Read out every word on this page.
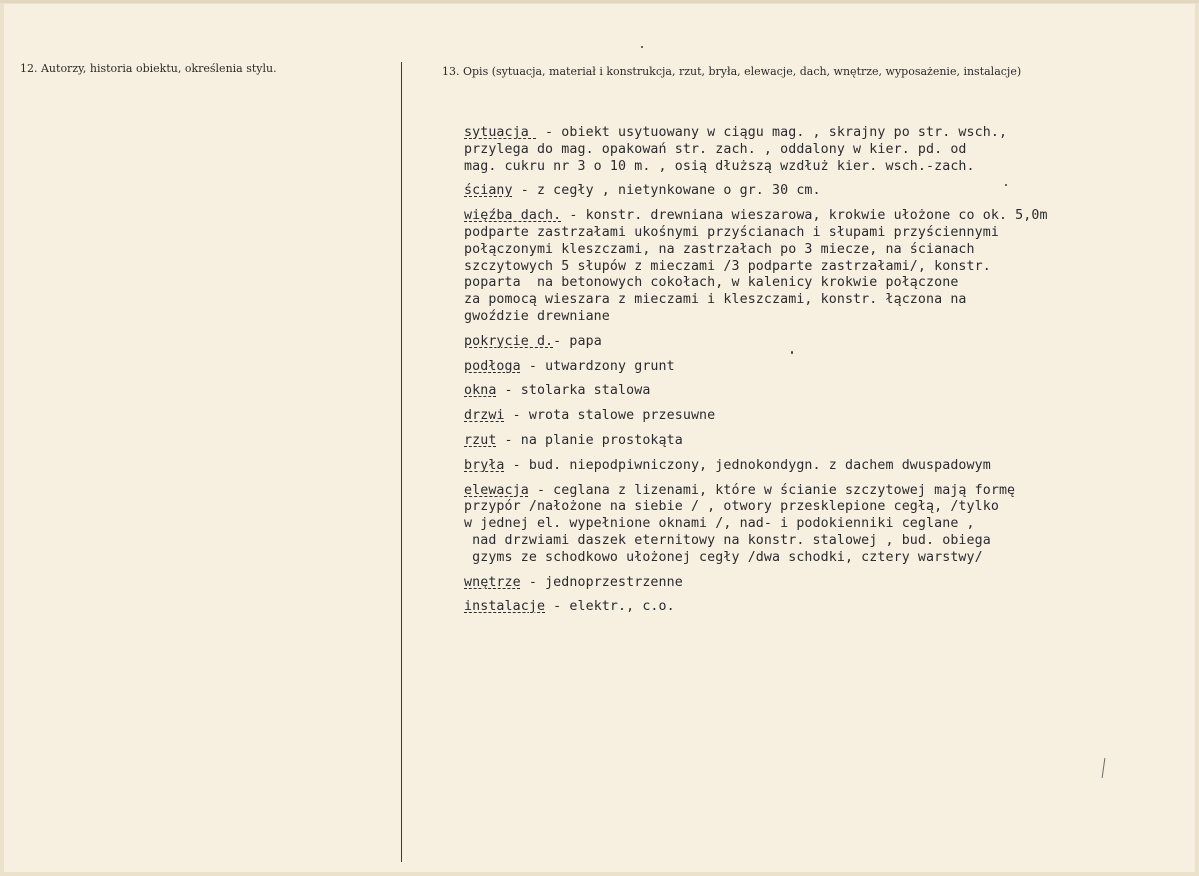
12. Autorzy, historia obiektu, określenia stylu.	13. Opis (sytuacja, materiał i konstrukcja, rzut, bryła, elewacje, dach, wnętrze, wyposażenie, instalacje)

sytuacja  - obiekt usytuowany w ciągu mag. , skrajny po str. wsch.,

przylega do mag. opakowań str. zach. , oddalony w kier. pd. od

mag. cukru nr 3 o 10 m. , osią dłuższą wzdłuż kier. wsch.-zach.

ściany - z cegły , nietynkowane o gr. 30 cm.

więźba dach. - konstr. drewniana wieszarowa, krokwie ułożone co ok. 5,0m

podparte zastrzałami ukośnymi przyścianach i słupami przyściennymi

połączonymi kleszczami, na zastrzałach po 3 miecze, na ścianach

szczytowych 5 słupów z mieczami /3 podparte zastrzałami/, konstr.

poparta  na betonowych cokołach, w kalenicy krokwie połączone

za pomocą wieszara z mieczami i kleszczami, konstr. łączona na

gwoździe drewniane

pokrycie d.- papa

podłoga - utwardzony grunt

okna - stolarka stalowa

drzwi - wrota stalowe przesuwne

rzut - na planie prostokąta

bryła - bud. niepodpiwniczony, jednokondygn. z dachem dwuspadowym

elewacja - ceglana z lizenami, które w ścianie szczytowej mają formę

przypór /nałożone na siebie / , otwory przesklepione cegłą, /tylko

w jednej el. wypełnione oknami /, nad- i podokienniki ceglane ,

nad drzwiami daszek eternitowy na konstr. stalowej , bud. obiega

gzyms ze schodkowo ułożonej cegły /dwa schodki, cztery warstwy/

wnętrze - jednoprzestrzenne

instalacje - elektr., c.o.
